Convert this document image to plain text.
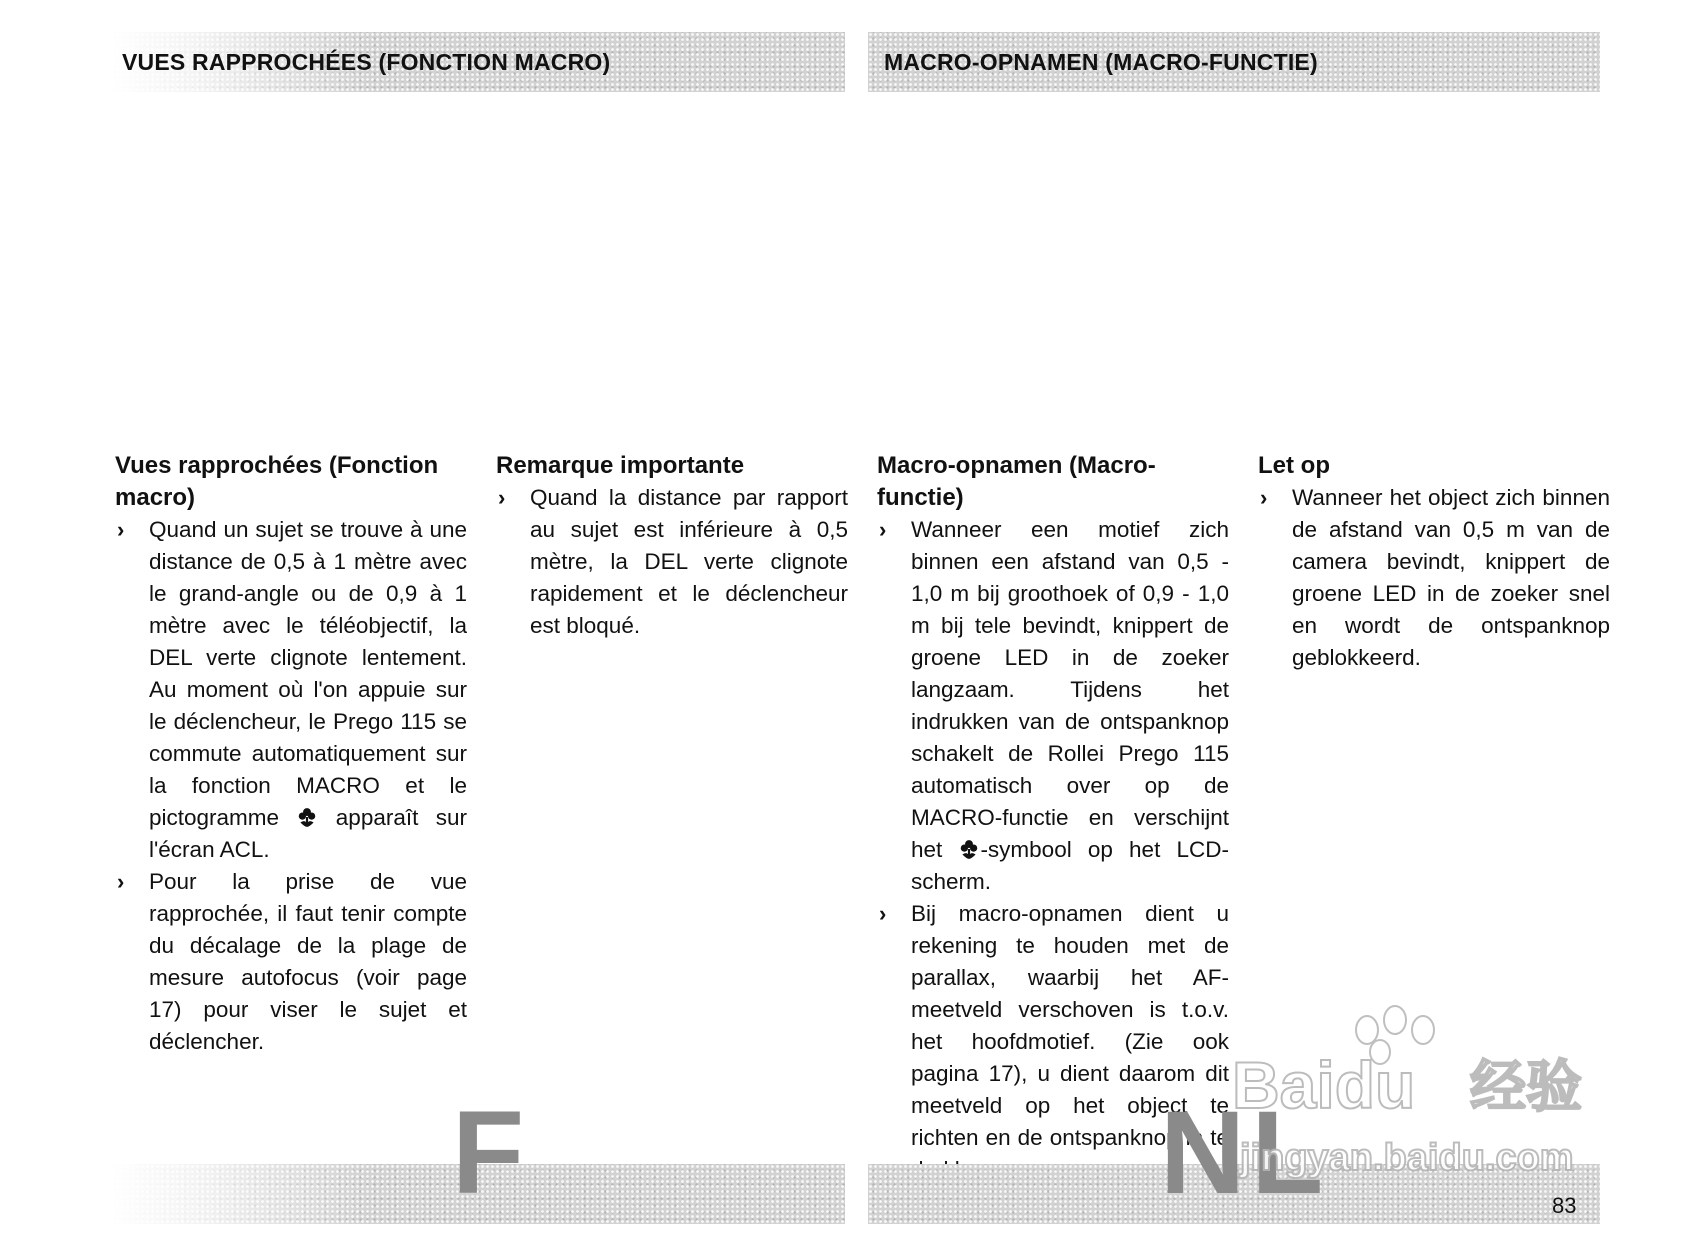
VUES RAPPROCHÉES (FONCTION MACRO)	MACRO-OPNAMEN (MACRO-FUNCTIE)
Vues rapprochées (Fonction macro)
› Quand un sujet se trouve à une distance de 0,5 à 1 mètre avec le grand-angle ou de 0,9 à 1 mètre avec le téléobjectif, la DEL verte clignote lentement. Au moment où l'on appuie sur le déclencheur, le Prego 115 se commute automatiquement sur la fonction MACRO et le pictogramme	apparaît sur l'écran ACL.
› Pour la prise de vue rapprochée, il faut tenir compte du décalage de la plage de mesure autofocus (voir page 17) pour viser le sujet et déclencher.
Remarque importante
› Quand la distance par rapport au sujet est inférieure à 0,5 mètre, la DEL verte clignote rapidement et le déclencheur est bloqué.
Macro-opnamen (Macro-functie)
› Wanneer een motief zich binnen een afstand van 0,5 - 1,0 m bij groothoek of 0,9 - 1,0 m bij tele bevindt, knippert de groene LED in de zoeker langzaam. Tijdens het indrukken van de ontspanknop schakelt de Rollei Prego 115 automatisch over op de MACRO-functie en verschijnt het -symbool op het LCD-scherm.
› Bij macro-opnamen dient u rekening te houden met de parallax, waarbij het AF-meetveld verschoven is t.o.v. het hoofdmotief. (Zie ook pagina 17), u dient daarom dit meetveld op het object te richten en de ontspanknop in te
Let op
› Wanneer het object zich binnen de afstand van 0,5 m van de camera bevindt, knippert de groene LED in de zoeker snel en wordt de ontspanknop geblokkeerd.
F	NL
Baidu 经验
jingyan.baidu.com
83
